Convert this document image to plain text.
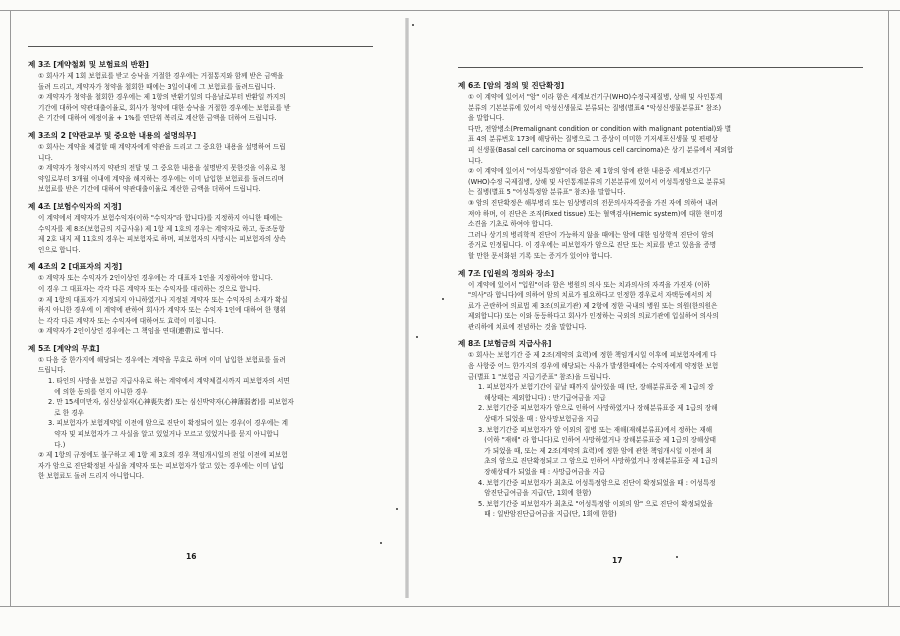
제 3조 [계약철회 및 보험료의 반환]
① 회사가 제 1회 보험료를 받고 승낙을 거절한 경우에는 거절통지와 함께 받은 금액을
돌려 드리고, 계약자가 청약을 철회한 때에는 3일이내에 그 보험료를 돌려드립니다.
② 계약자가 청약을 철회한 경우에는 제 1항의 반환기일의 다음날로부터 반환일 까지의
기간에 대하여 약관대출이율로, 회사가 청약에 대한 승낙을 거절한 경우에는 보험료를 받
은 기간에 대하여 예정이율 + 1%를 연단위 복리로 계산한 금액을 더하여 드립니다.
제 3조의 2 [약관교부 및 중요한 내용의 설명의무]
① 회사는 계약을 체결할 때 계약자에게 약관을 드리고 그 중요한 내용을 설명하여 드립
니다.
② 계약자가 청약시까지 약관의 전달 및 그 중요한 내용을 설명받지 못한것을 이유로 청
약일로부터 3개월 이내에 계약을 해지하는 경우에는 이미 납입한 보험료를 돌려드리며
보험료를 받은 기간에 대하여 약관대출이율로 계산한 금액을 더하여 드립니다.
제 4조 [보험수익자의 지정]
이 계약에서 계약자가 보험수익자(이하 "수익자"라 합니다)를 지정하지 아니한 때에는
수익자를 제 8조(보험금의 지급사유) 제 1항 제 1호의 경우는 계약자로 하고, 동조동항
제 2호 내지 제 11호의 경우는 피보험자로 하며, 피보험자의 사망시는 피보험자의 상속
인으로 합니다.
제 4조의 2 [대표자의 지정]
① 계약자 또는 수익자가 2인이상인 경우에는 각 대표자 1인을 지정하여야 합니다.
이 경우 그 대표자는 각각 다른 계약자 또는 수익자를 대리하는 것으로 합니다.
② 제 1항의 대표자가 지정되지 아니하였거나 지정된 계약자 또는 수익자의 소재가 확실
하지 아니한 경우에 이 계약에 관하여 회사가 계약자 또는 수익자 1인에 대하여 한 행위
는 각각 다른 계약자 또는 수익자에 대하여도 효력이 미칩니다.
③ 계약자가 2인이상인 경우에는 그 책임을 연대(連帶)로 합니다.
제 5조 [계약의 무효]
① 다음 중 한가지에 해당되는 경우에는 계약을 무효로 하며 이미 납입한 보험료를 돌려
드립니다.
1. 타인의 사망을 보험금 지급사유로 하는 계약에서 계약체결시까지 피보험자의 서면
에 의한 동의를 얻지 아니한 경우
2. 만 15세미만자, 심신상실자(心神喪失者) 또는 심신박약자(心神薄弱者)를 피보험자
로 한 경우
3. 피보험자가 보험계약일 이전에 암으로 진단이 확정되어 있는 경우(이 경우에는 계
약자 및 피보험자가 그 사실을 알고 있었거나 모르고 있었거나를 묻지 아니합니
다.)
② 제 1항의 규정에도 불구하고 제 1항 제 3호의 경우 책임개시일의 전일 이전에 피보험
자가 암으로 진단확정된 사실을 계약자 또는 피보험자가 알고 있는 경우에는 이미 납입
한 보험료도 돌려 드리지 아니합니다.
16
제 6조 [암의 정의 및 진단확정]
① 이 계약에 있어서 "암" 이라 함은 세계보건기구(WHO)수정국제질병, 상해 및 사인통계
분류의 기본분류에 있어서 악성신생물로 분류되는 질병(별표4 "악성신생물분류표" 참조)
을 말합니다.
다만, 전암병소(Premalignant condition or condition with malignant potential)와 별
표 4의 분류번호 173에 해당하는 질병으로 그 증상이 미미한 기저세포신생물 및 편평상
피 신생물(Basal cell carcinoma or squamous cell carcinoma)은 상기 분류에서 제외합
니다.
② 이 계약에 있어서 "어성특정암"이라 함은 제 1항의 암에 관한 내용중 세계보건기구
(WHO)수정 국제질병, 상해 및 사인통계분류의 기본분류에 있어서 어성특정암으로 분류되
는 질병(별표 5 "어성특정암 분류표" 참조)을 말합니다.
③ 암의 진단확정은 해부병리 또는 임상병리의 전문의사자격증을 가진 자에 의하여 내려
져야 하며, 이 진단은 조직(Fixed tissue) 또는 혈액검사(Hemic system)에 대한 현미경
소견을 기초로 하여야 합니다.
그러나 상기의 병리학적 진단이 가능하지 않을 때에는 암에 대한 임상학적 진단이 암의
증거로 인정됩니다. 이 경우에는 피보험자가 암으로 진단 또는 치료를 받고 있음을 증명
할 만한 문서화된 기록 또는 증거가 있어야 합니다.
제 7조 [입원의 정의와 장소]
이 계약에 있어서 "입원"이라 함은 병원의 의사 또는 치과의사의 자격을 가진자 (이하
"의사"라 합니다)에 의하여 암의 치료가 필요하다고 인정한 경우로서 자택등에서의 치
료가 곤란하여 의료법 제 3조(의료기관) 제 2항에 정한 국내의 병원 또는 의원(한의원은
제외합니다) 또는 이와 동등하다고 회사가 인정하는 국외의 의료기관에 입실하여 의사의
관리하에 치료에 전념하는 것을 말합니다.
제 8조 [보험금의 지급사유]
① 회사는 보험기간 중 제 2조(계약의 효력)에 정한 책임개시일 이후에 피보험자에게 다
음 사항중 어느 한가지의 경우에 해당되는 사유가 발생한때에는 수익자에게 약정한 보험
금(별표 1 "보험금 지급기준표" 참조)을 드립니다.
1. 피보험자가 보험기간이 끝날 때까지 살아있을 때 (단, 장해분류표중 제 1급의 장
해상태는 제외합니다) : 만기급여금을 지급
2. 보험기간중 피보험자가 암으로 인하여 사망하였거나 장해분류표중 제 1급의 장해
상태가 되었을 때 : 암사망보험금을 지급
3. 보험기간중 피보험자가 암 이외의 질병 또는 재해(재해분류표)에서 정하는 재해
(이하 "재해" 라 합니다)로 인하여 사망하였거나 장해분류표중 제 1급의 장해상태
가 되었을 때, 또는 제 2조(계약의 효력)에 정한 암에 관한 책임개시일 이전에 최
초의 암으로 진단확정되고 그 암으로 인하여 사망하였거나 장해분류표중 제 1급의
장해상태가 되었을 때 : 사망급여금을 지급
4. 보험기간중 피보험자가 최초로 어성특정암으로 진단이 확정되었을 때 : 어성특정
암진단급여금을 지급(단, 1회에 한함)
5. 보험기간중 피보험자가 최초로 "어성특정암 이외의 암" 으로 진단이 확정되었을
때 : 일반암진단급여금을 지급(단, 1회에 한함)
17
